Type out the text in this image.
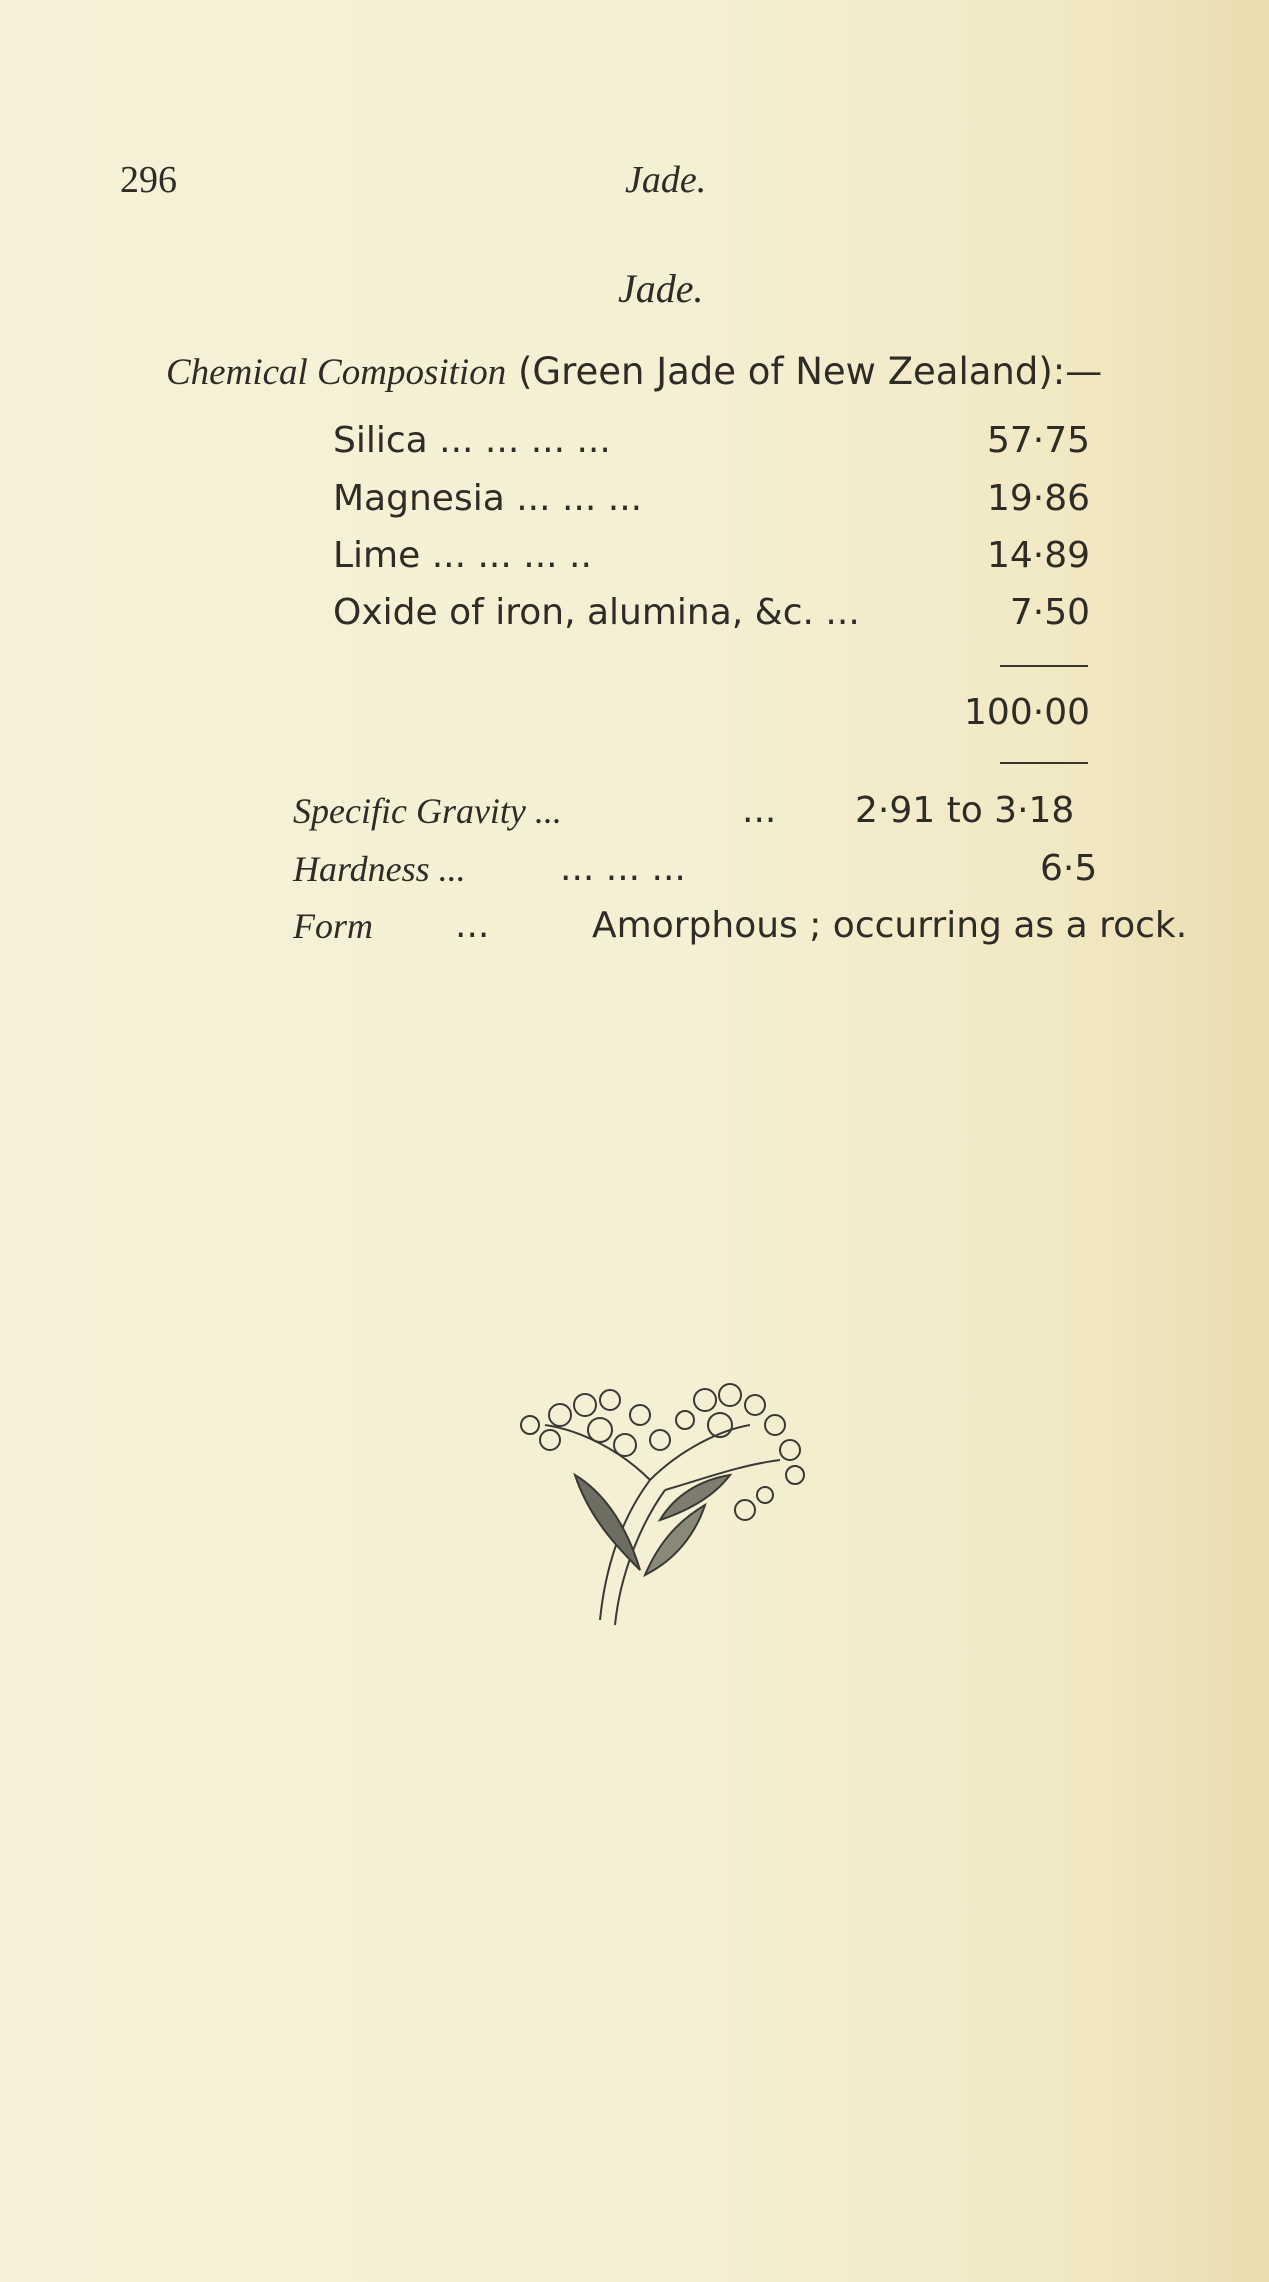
296	Jade.
Jade.
Chemical Composition (Green Jade of New Zealand):—
Silica ... ... ... ...	57·75
Magnesia ... ... ...	19·86
Lime ... ... ... ..	14·89
Oxide of iron, alumina, &c. ...	7·50
100·00
Specific Gravity ...	... 2·91 to 3·18
Hardness ...	... ... ...	6·5
Form ...	Amorphous ; occurring as a rock.
